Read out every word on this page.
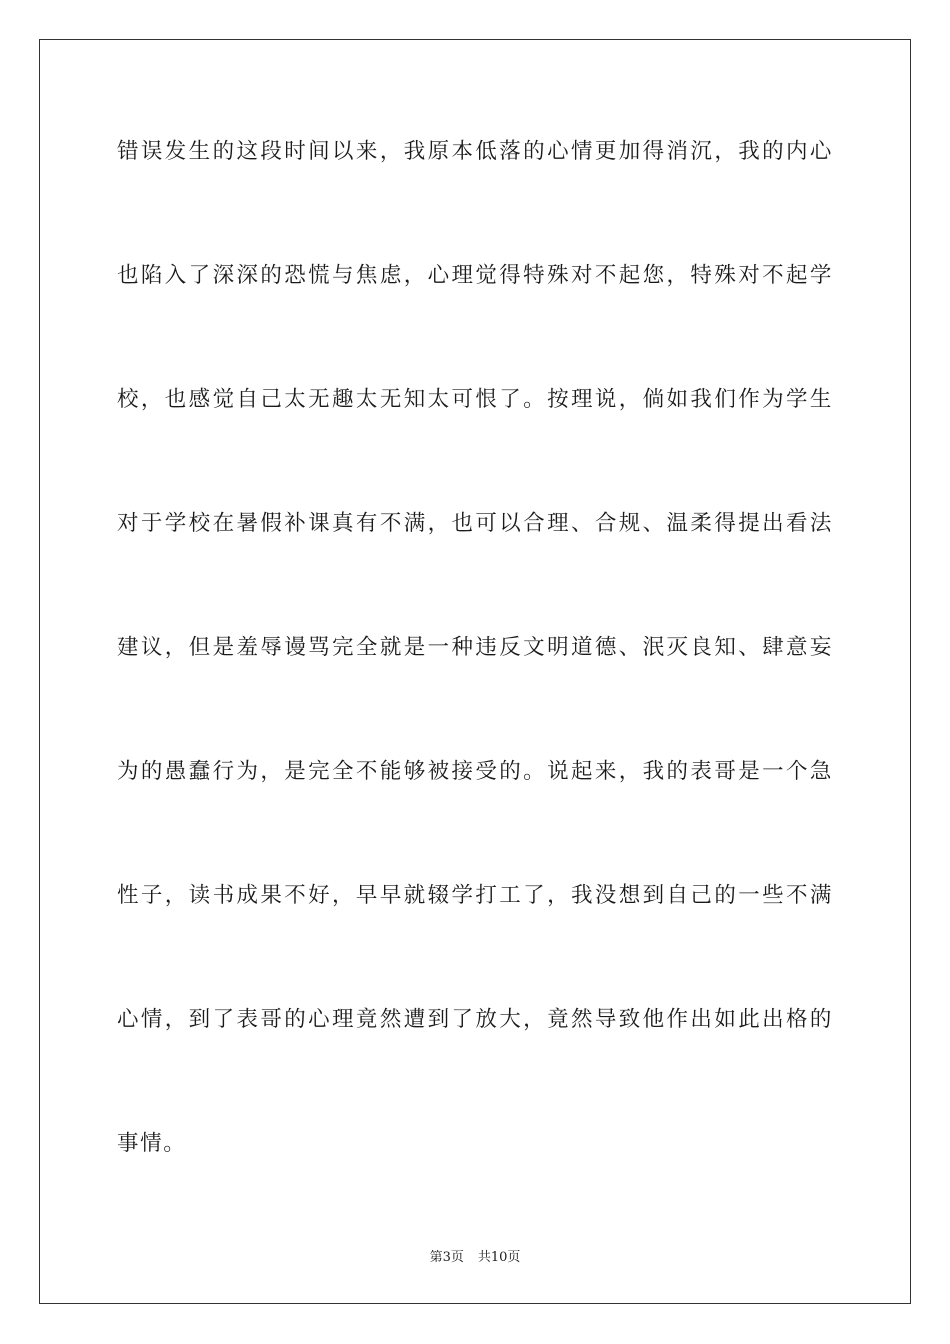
错误发生的这段时间以来，我原本低落的心情更加得消沉，我的内心

也陷入了深深的恐慌与焦虑，心理觉得特殊对不起您，特殊对不起学

校，也感觉自己太无趣太无知太可恨了。按理说，倘如我们作为学生

对于学校在暑假补课真有不满，也可以合理、合规、温柔得提出看法

建议，但是羞辱谩骂完全就是一种违反文明道德、泯灭良知、肆意妄

为的愚蠢行为，是完全不能够被接受的。说起来，我的表哥是一个急

性子，读书成果不好，早早就辍学打工了，我没想到自己的一些不满

心情，到了表哥的心理竟然遭到了放大，竟然导致他作出如此出格的

事情。

第3页 共10页
